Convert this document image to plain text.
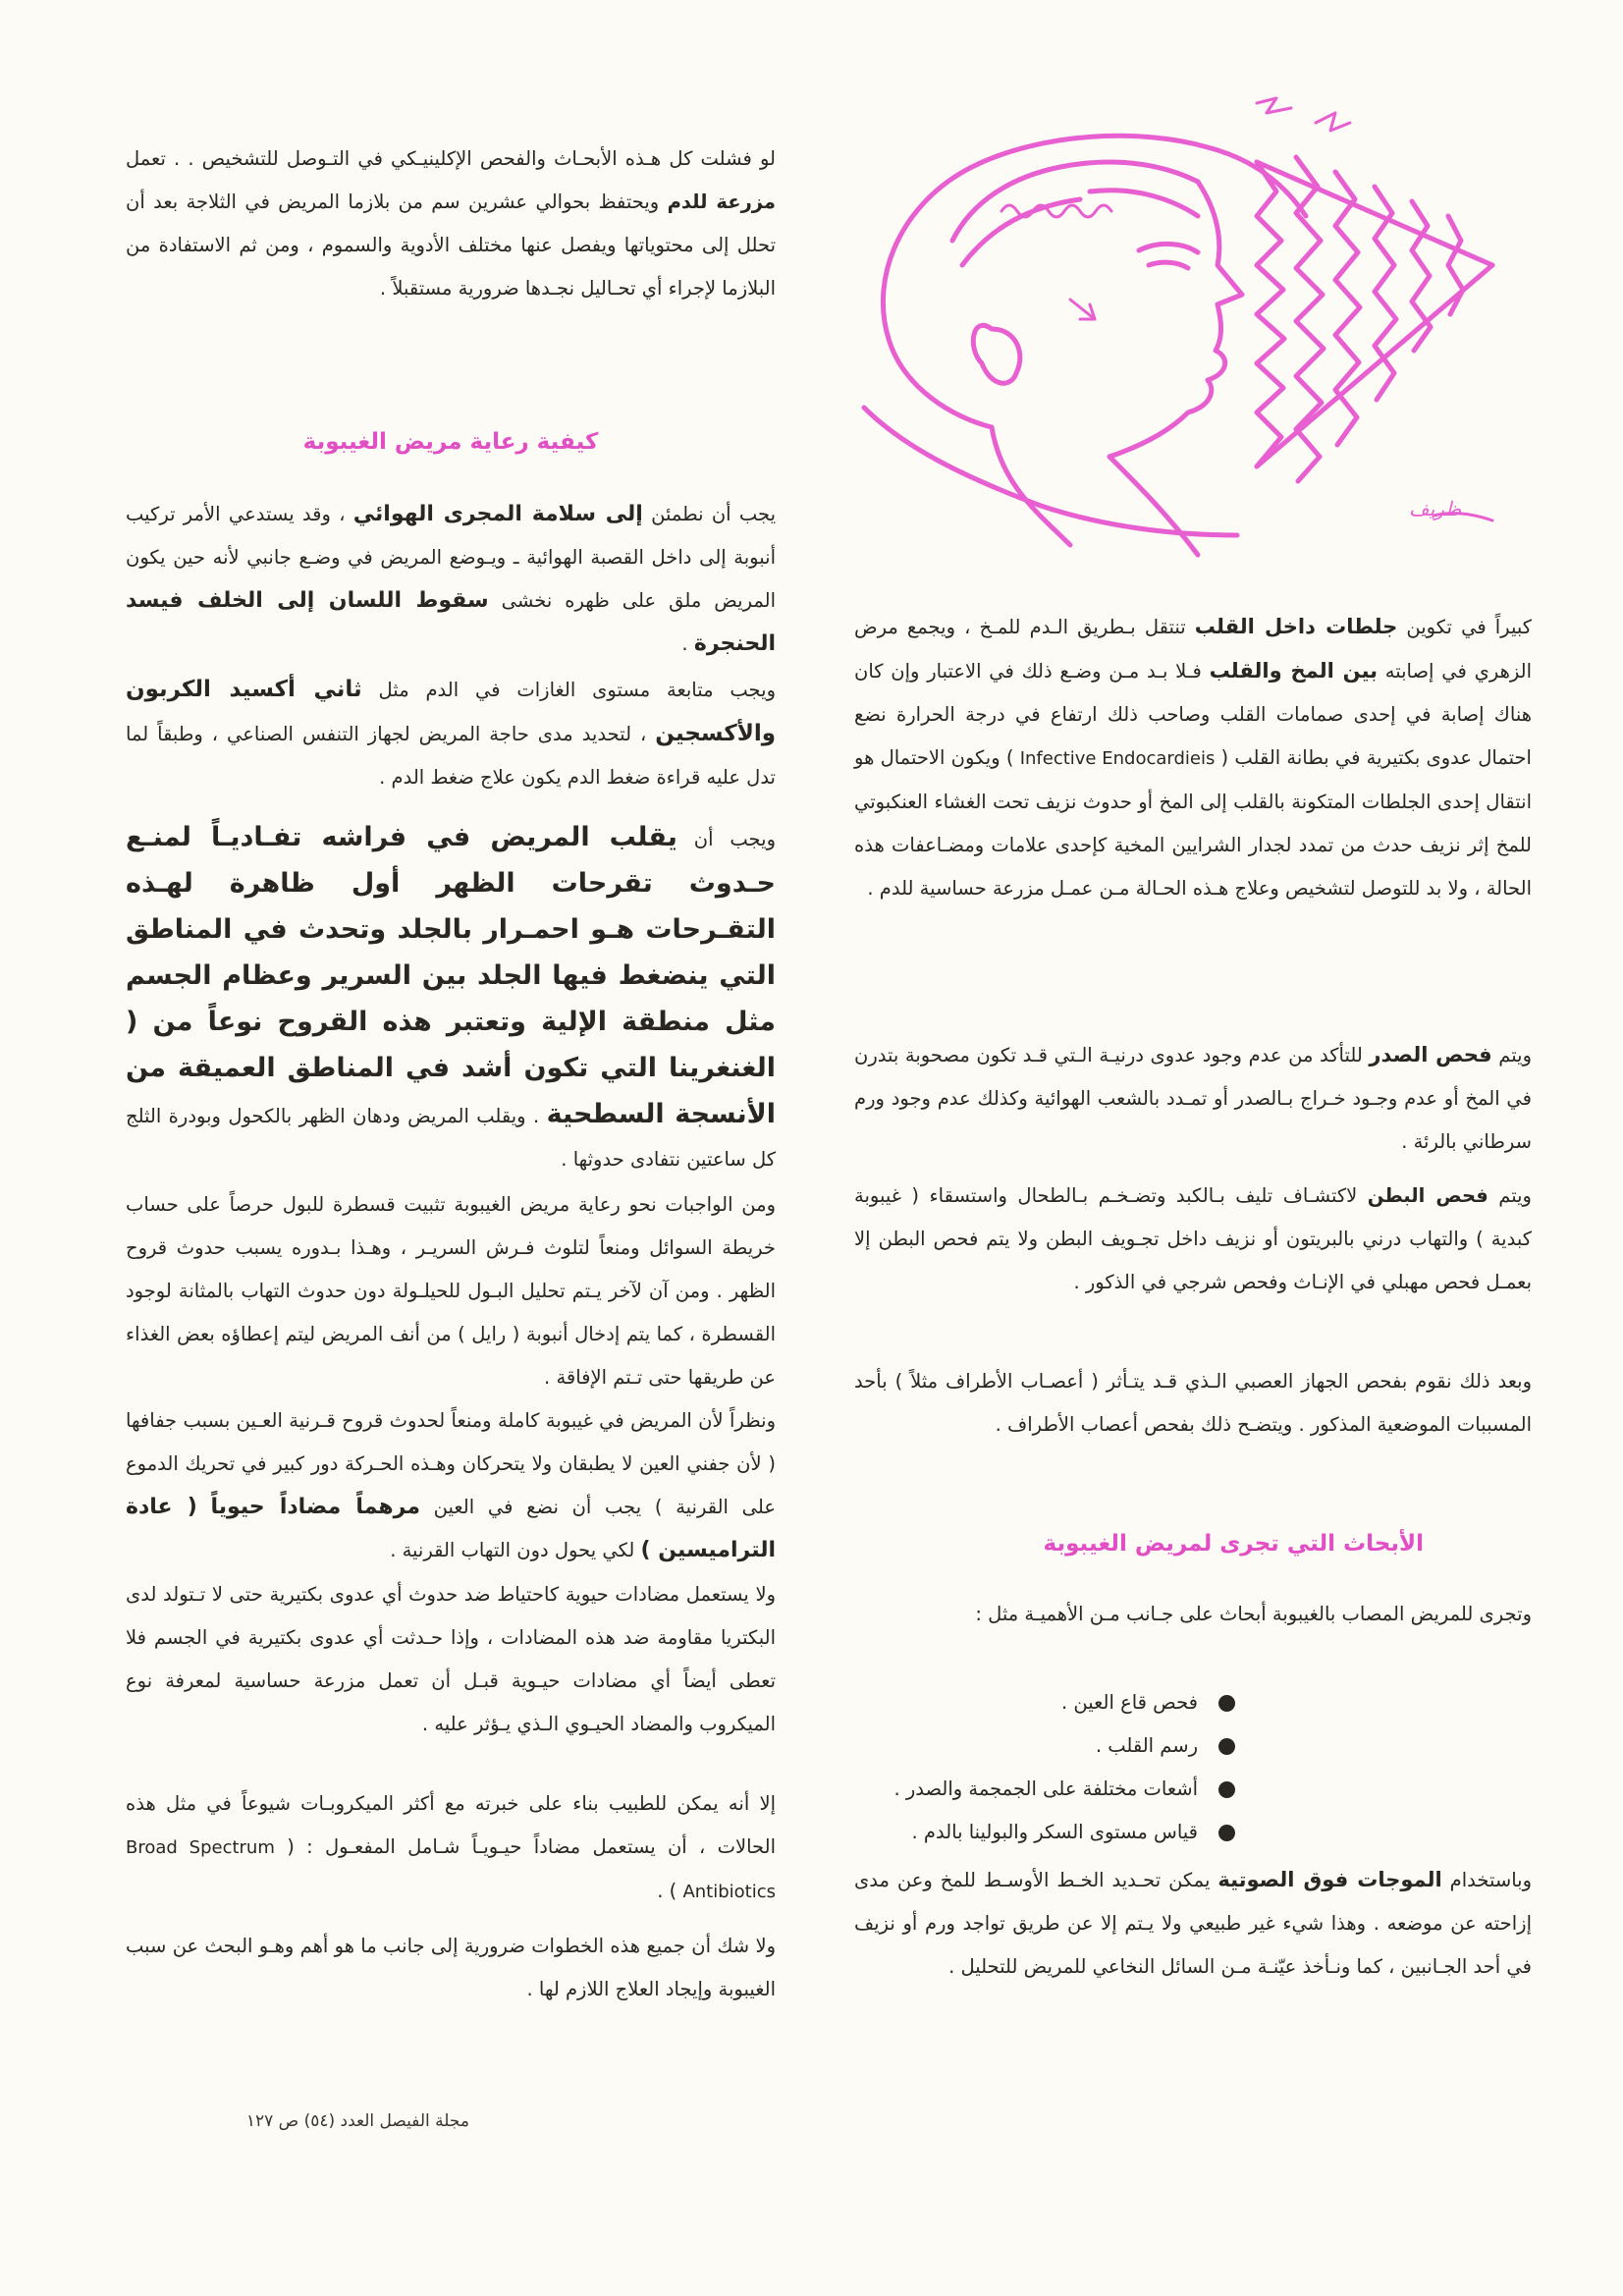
ظريف
لو فشلت كل هـذه الأبحـاث والفحص الإكلينيـكي في التـوصل للتشخيص . . تعمل مزرعة للدم ويحتفظ بحوالي عشرين سم من بلازما المريض في الثلاجة بعد أن تحلل إلى محتوياتها ويفصل عنها مختلف الأدوية والسموم ، ومن ثم الاستفادة من البلازما لإجراء أي تحـاليل نجـدها ضرورية مستقبلاً .
كيفية رعاية مريض الغيبوبة
يجب أن نطمئن إلى سلامة المجرى الهوائي ، وقد يستدعي الأمر تركيب أنبوبة إلى داخل القصبة الهوائية ـ ويـوضع المريض في وضـع جانبي لأنه حين يكون المريض ملق على ظهره نخشى سقوط اللسان إلى الخلف فيسد الحنجرة .
ويجب متابعة مستوى الغازات في الدم مثل ثاني أكسيد الكربون والأكسجين ، لتحديد مدى حاجة المريض لجهاز التنفس الصناعي ، وطبقاً لما تدل عليه قراءة ضغط الدم يكون علاج ضغط الدم .
ويجب أن يقلب المريض في فراشه تفـاديـاً لمنـع حـدوث تقرحات الظهر أول ظاهرة لهـذه التقـرحات هـو احمـرار بالجلد وتحدث في المناطق التي ينضغط فيها الجلد بين السرير وعظام الجسم مثل منطقة الإلية وتعتبر هذه القروح نوعاً من ( الغنغرينا التي تكون أشد في المناطق العميقة من الأنسجة السطحية . ويقلب المريض ودهان الظهر بالكحول وبودرة الثلج كل ساعتين نتفادى حدوثها .
ومن الواجبات نحو رعاية مريض الغيبوبة تثبيت قسطرة للبول حرصاً على حساب خريطة السوائل ومنعاً لتلوث فـرش السريـر ، وهـذا بـدوره يسبب حدوث قروح الظهر . ومن آن لآخر يـتم تحليل البـول للحيلـولة دون حدوث التهاب بالمثانة لوجود القسطرة ، كما يتم إدخال أنبوبة ( رايل ) من أنف المريض ليتم إعطاؤه بعض الغذاء عن طريقها حتى تـتم الإفاقة .
ونظراً لأن المريض في غيبوبة كاملة ومنعاً لحدوث قروح قـرنية العـين بسبب جفافها ( لأن جفني العين لا يطبقان ولا يتحركان وهـذه الحـركة دور كبير في تحريك الدموع على القرنية ) يجب أن نضع في العين مرهماً مضاداً حيوياً ( عادة التراميسين ) لكي يحول دون التهاب القرنية .
ولا يستعمل مضادات حيوية كاحتياط ضد حدوث أي عدوى بكتيرية حتى لا تـتولد لدى البكتريا مقاومة ضد هذه المضادات ، وإذا حـدثت أي عدوى بكتيرية في الجسم فلا تعطى أيضاً أي مضادات حيـوية قبـل أن تعمل مزرعة حساسية لمعرفة نوع الميكروب والمضاد الحيـوي الـذي يـؤثر عليه .
إلا أنه يمكن للطبيب بناء على خبرته مع أكثر الميكروبـات شيوعاً في مثل هذه الحالات ، أن يستعمل مضاداً حيـويـاً شـامل المفعـول : ( Broad Spectrum Antibiotics ) .
ولا شك أن جميع هذه الخطوات ضرورية إلى جانب ما هو أهم وهـو البحث عن سبب الغيبوبة وإيجاد العلاج اللازم لها .
كبيراً في تكوين جلطات داخل القلب تنتقل بـطريق الـدم للمـخ ، ويجمع مرض الزهري في إصابته بين المخ والقلب فـلا بـد مـن وضـع ذلك في الاعتبار وإن كان هناك إصابة في إحدى صمامات القلب وصاحب ذلك ارتفاع في درجة الحرارة نضع احتمال عدوى بكتيرية في بطانة القلب ( Infective Endocardieis ) ويكون الاحتمال هو انتقال إحدى الجلطات المتكونة بالقلب إلى المخ أو حدوث نزيف تحت الغشاء العنكبوتي للمخ إثر نزيف حدث من تمدد لجدار الشرايين المخية كإحدى علامات ومضـاعفات هذه الحالة ، ولا بد للتوصل لتشخيص وعلاج هـذه الحـالة مـن عمـل مزرعة حساسية للدم .
ويتم فحص الصدر للتأكد من عدم وجود عدوى درنيـة الـتي قـد تكون مصحوبة بتدرن في المخ أو عدم وجـود خـراج بـالصدر أو تمـدد بالشعب الهوائية وكذلك عدم وجود ورم سرطاني بالرئة .
ويتم فحص البطن لاكتشـاف تليف بـالكبد وتضـخـم بـالطحال واستسقاء ( غيبوبة كبدية ) والتهاب درني بالبريتون أو نزيف داخل تجـويف البطن ولا يتم فحص البطن إلا بعمـل فحص مهبلي في الإنـاث وفحص شرجي في الذكور .
وبعد ذلك نقوم بفحص الجهاز العصبي الـذي قـد يتـأثر ( أعصـاب الأطراف مثلاً ) بأحد المسببات الموضعية المذكور . ويتضـح ذلك بفحص أعصاب الأطراف .
الأبحاث التي تجرى لمريض الغيبوبة
وتجرى للمريض المصاب بالغيبوبة أبحاث على جـانب مـن الأهميـة مثل :
فحص قاع العين .
رسم القلب .
أشعات مختلفة على الجمجمة والصدر .
قياس مستوى السكر والبولينا بالدم .
وباستخدام الموجات فوق الصوتية يمكن تحـديد الخـط الأوسـط للمخ وعن مدى إزاحته عن موضعه . وهذا شيء غير طبيعي ولا يـتم إلا عن طريق تواجد ورم أو نزيف في أحد الجـانبين ، كما ونـأخذ عيّنـة مـن السائل النخاعي للمريض للتحليل .
مجلة الفيصل العدد (٥٤) ص ١٢٧
